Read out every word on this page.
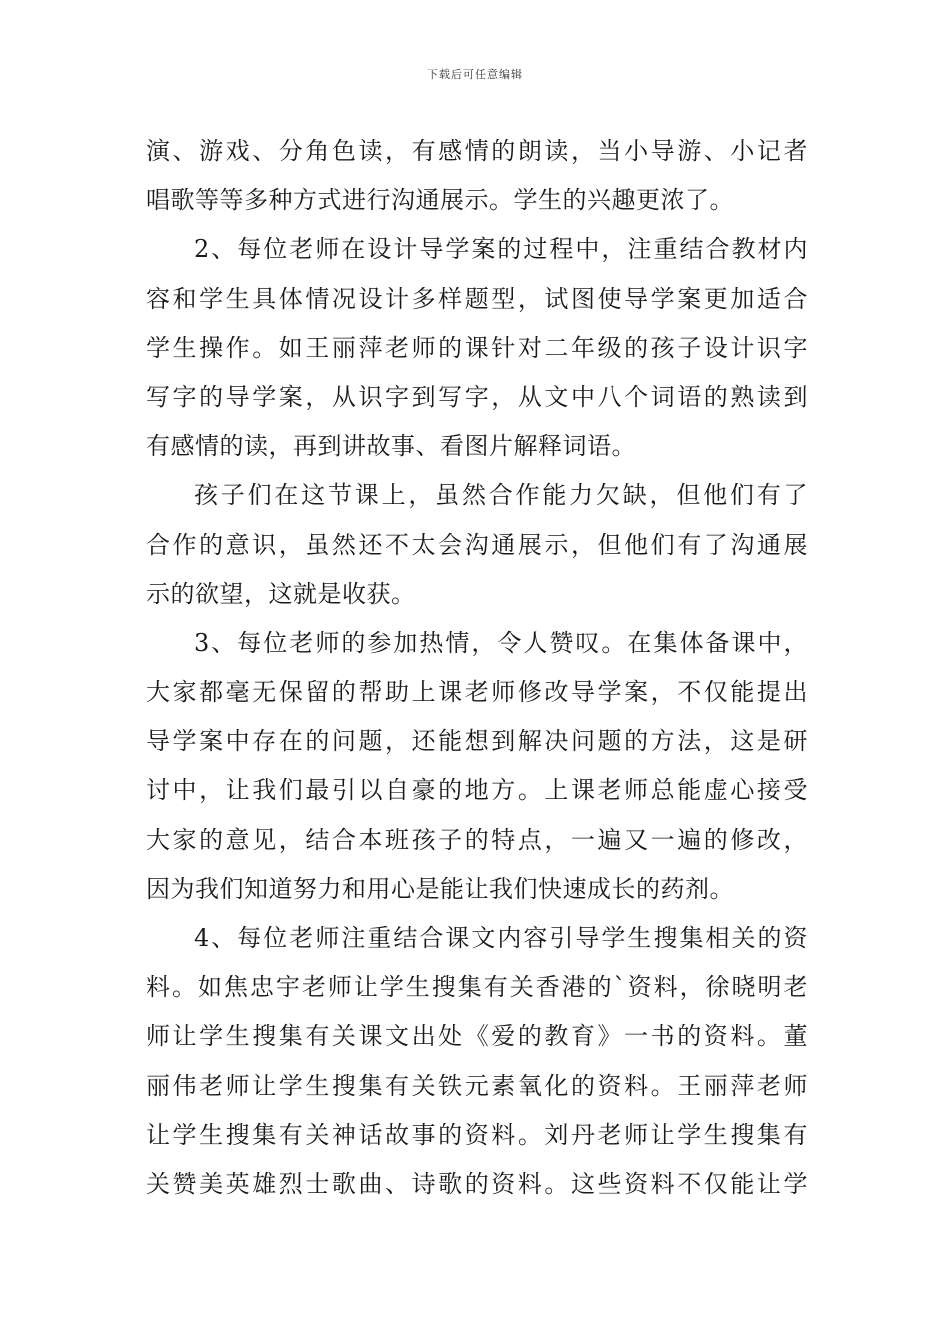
下载后可任意编辑
演、游戏、分角色读，有感情的朗读，当小导游、小记者
唱歌等等多种方式进行沟通展示。学生的兴趣更浓了。
2、每位老师在设计导学案的过程中，注重结合教材内
容和学生具体情况设计多样题型，试图使导学案更加适合
学生操作。如王丽萍老师的课针对二年级的孩子设计识字
写字的导学案，从识字到写字，从文中八个词语的熟读到
有感情的读，再到讲故事、看图片解释词语。
孩子们在这节课上，虽然合作能力欠缺，但他们有了
合作的意识，虽然还不太会沟通展示，但他们有了沟通展
示的欲望，这就是收获。
3、每位老师的参加热情，令人赞叹。在集体备课中，
大家都毫无保留的帮助上课老师修改导学案，不仅能提出
导学案中存在的问题，还能想到解决问题的方法，这是研
讨中，让我们最引以自豪的地方。上课老师总能虚心接受
大家的意见，结合本班孩子的特点，一遍又一遍的修改，
因为我们知道努力和用心是能让我们快速成长的药剂。
4、每位老师注重结合课文内容引导学生搜集相关的资
料。如焦忠宇老师让学生搜集有关香港的`资料，徐晓明老
师让学生搜集有关课文出处《爱的教育》一书的资料。董
丽伟老师让学生搜集有关铁元素氧化的资料。王丽萍老师
让学生搜集有关神话故事的资料。刘丹老师让学生搜集有
关赞美英雄烈士歌曲、诗歌的资料。这些资料不仅能让学
